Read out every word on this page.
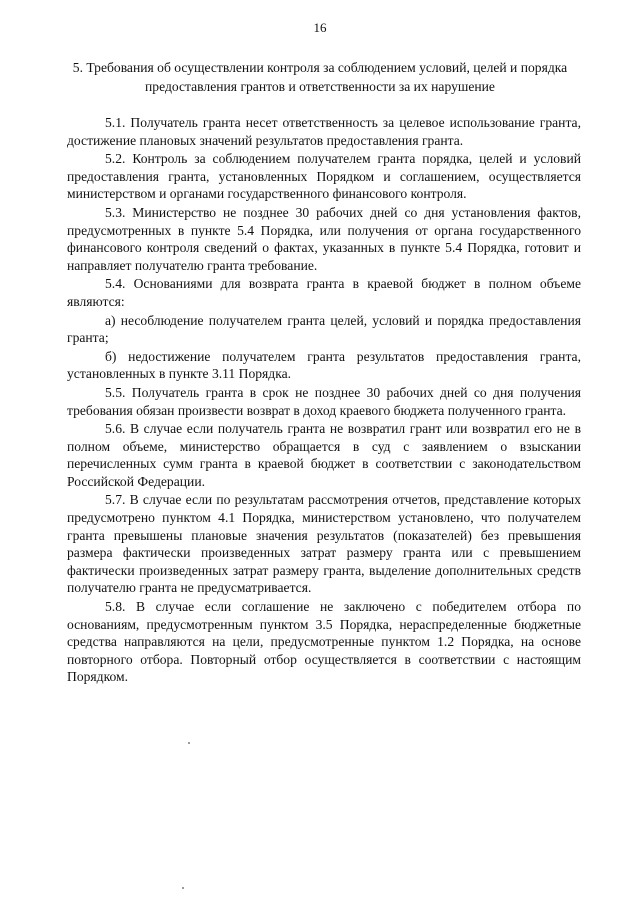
16
5. Требования об осуществлении контроля за соблюдением условий, целей и порядка предоставления грантов и ответственности за их нарушение

5.1. Получатель гранта несет ответственность за целевое использование гранта, достижение плановых значений результатов предоставления гранта.

5.2. Контроль за соблюдением получателем гранта порядка, целей и условий предоставления гранта, установленных Порядком и соглашением, осуществляется министерством и органами государственного финансового контроля.

5.3. Министерство не позднее 30 рабочих дней со дня установления фактов, предусмотренных в пункте 5.4 Порядка, или получения от органа государственного финансового контроля сведений о фактах, указанных в пункте 5.4 Порядка, готовит и направляет получателю гранта требование.

5.4. Основаниями для возврата гранта в краевой бюджет в полном объеме являются:

а) несоблюдение получателем гранта целей, условий и порядка предоставления гранта;

б) недостижение получателем гранта результатов предоставления гранта, установленных в пункте 3.11 Порядка.

5.5. Получатель гранта в срок не позднее 30 рабочих дней со дня получения требования обязан произвести возврат в доход краевого бюджета полученного гранта.

5.6. В случае если получатель гранта не возвратил грант или возвратил его не в полном объеме, министерство обращается в суд с заявлением о взыскании перечисленных сумм гранта в краевой бюджет в соответствии с законодательством Российской Федерации.

5.7. В случае если по результатам рассмотрения отчетов, представление которых предусмотрено пунктом 4.1 Порядка, министерством установлено, что получателем гранта превышены плановые значения результатов (показателей) без превышения размера фактически произведенных затрат размеру гранта или с превышением фактически произведенных затрат размеру гранта, выделение дополнительных средств получателю гранта не предусматривается.

5.8. В случае если соглашение не заключено с победителем отбора по основаниям, предусмотренным пунктом 3.5 Порядка, нераспределенные бюджетные средства направляются на цели, предусмотренные пунктом 1.2 Порядка, на основе повторного отбора. Повторный отбор осуществляется в соответствии с настоящим Порядком.
